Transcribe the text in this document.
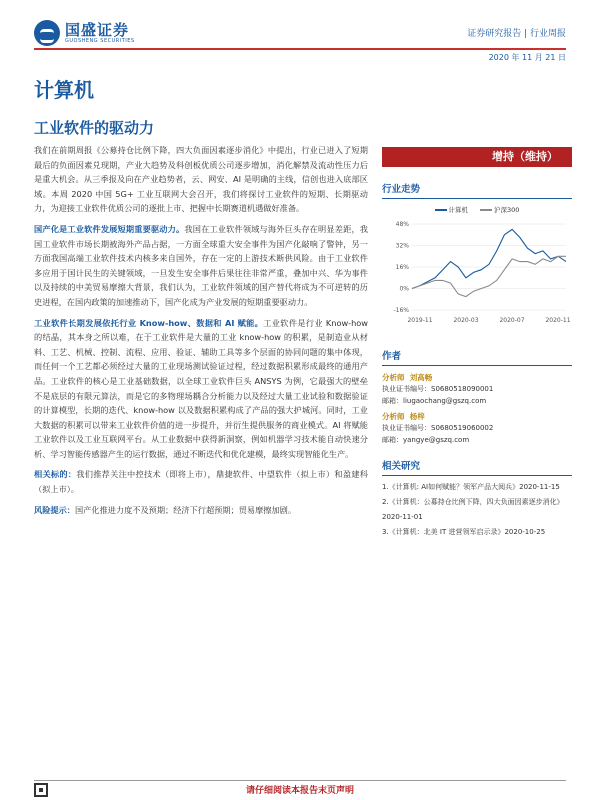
国盛证券
GUOSHENG SECURITIES
证券研究报告 | 行业周报
2020 年 11 月 21 日
计算机
工业软件的驱动力

我们在前期周报《公募持仓比例下降，四大负面因素逐步消化》中提出，行业已进入了短期最后的负面因素兑现期，产业大趋势及科创板优质公司逐步增加，消化解禁及流动性压力后是重大机会。从三季报及向在产业趋势者，云、网安、AI 是明确的主线，信创也进入底部区域。本周 2020 中国 5G+ 工业互联网大会召开，我们将探讨工业软件的短期、长期驱动力，为迎接工业软件优质公司的逐批上市、把握中长期赛道机遇做好准备。

国产化是工业软件发展短期重要驱动力。我国在工业软件领域与海外巨头存在明显差距，我国工业软件市场长期被海外产品占据，一方面全球重大安全事件为国产化敲响了警钟，另一方面我国高端工业软件技术内核多来自国外，存在一定的上游技术断供风险。由于工业软件多应用于国计民生的关键领域，一旦发生安全事件后果往往非常严重，叠加中兴、华为事件以及持续的中美贸易摩擦大背景，我们认为，工业软件领域的国产替代将成为不可逆转的历史进程，在国内政策的加速推动下，国产化成为产业发展的短期重要驱动力。

工业软件长期发展依托行业 Know-how、数据和 AI 赋能。工业软件是行业 Know-how 的结晶，其本身之所以难，在于工业软件是大量的工业 know-how 的积累，是制造业从材料、工艺、机械、控制、流程、应用、验证、辅助工具等多个层面的协同问题的集中体现，而任何一个工艺都必须经过大量的工业现场测试验证过程，经过数据积累形成最终的通用产品。工业软件的核心是工业基础数据，以全球工业软件巨头 ANSYS 为例，它最强大的壁垒不是底层的有限元算法，而是它的多物理场耦合分析能力以及经过大量工业试验和数据验证的计算模型，长期的迭代、know-how 以及数据积累构成了产品的强大护城河。同时，工业大数据的积累可以带来工业软件价值的进一步提升，并衍生提供服务的商业模式。AI 将赋能工业软件以及工业互联网平台。从工业数据中获得新洞察，例如机器学习技术能自动快速分析、学习智能传感器产生的运行数据，通过不断迭代和优化建模，最终实现智能化生产。

相关标的：我们推荐关注中控技术（即将上市），鼎捷软件、中望软件（拟上市）和盈建科（拟上市）。

风险提示：国产化推进力度不及预期；经济下行超预期；贸易摩擦加剧。

增持（维持）
行业走势
计算机	沪深300
-16%
0%
16%
32%
48%
2019-11	2020-03	2020-07	2020-11
作者
分析师 刘高畅
执业证书编号：S0680518090001
邮箱：liugaochang@gszq.com
分析师 杨梓
执业证书编号：S0680519060002
邮箱：yangye@gszq.com
相关研究
1.《计算机: AI如何赋能？领军产品大阅兵》2020-11-15
2.《计算机：公募持仓比例下降，四大负面因素逐步消化》2020-11-01
3.《计算机：北美 IT 进营领军启示录》2020-10-25
请仔细阅读本报告末页声明
